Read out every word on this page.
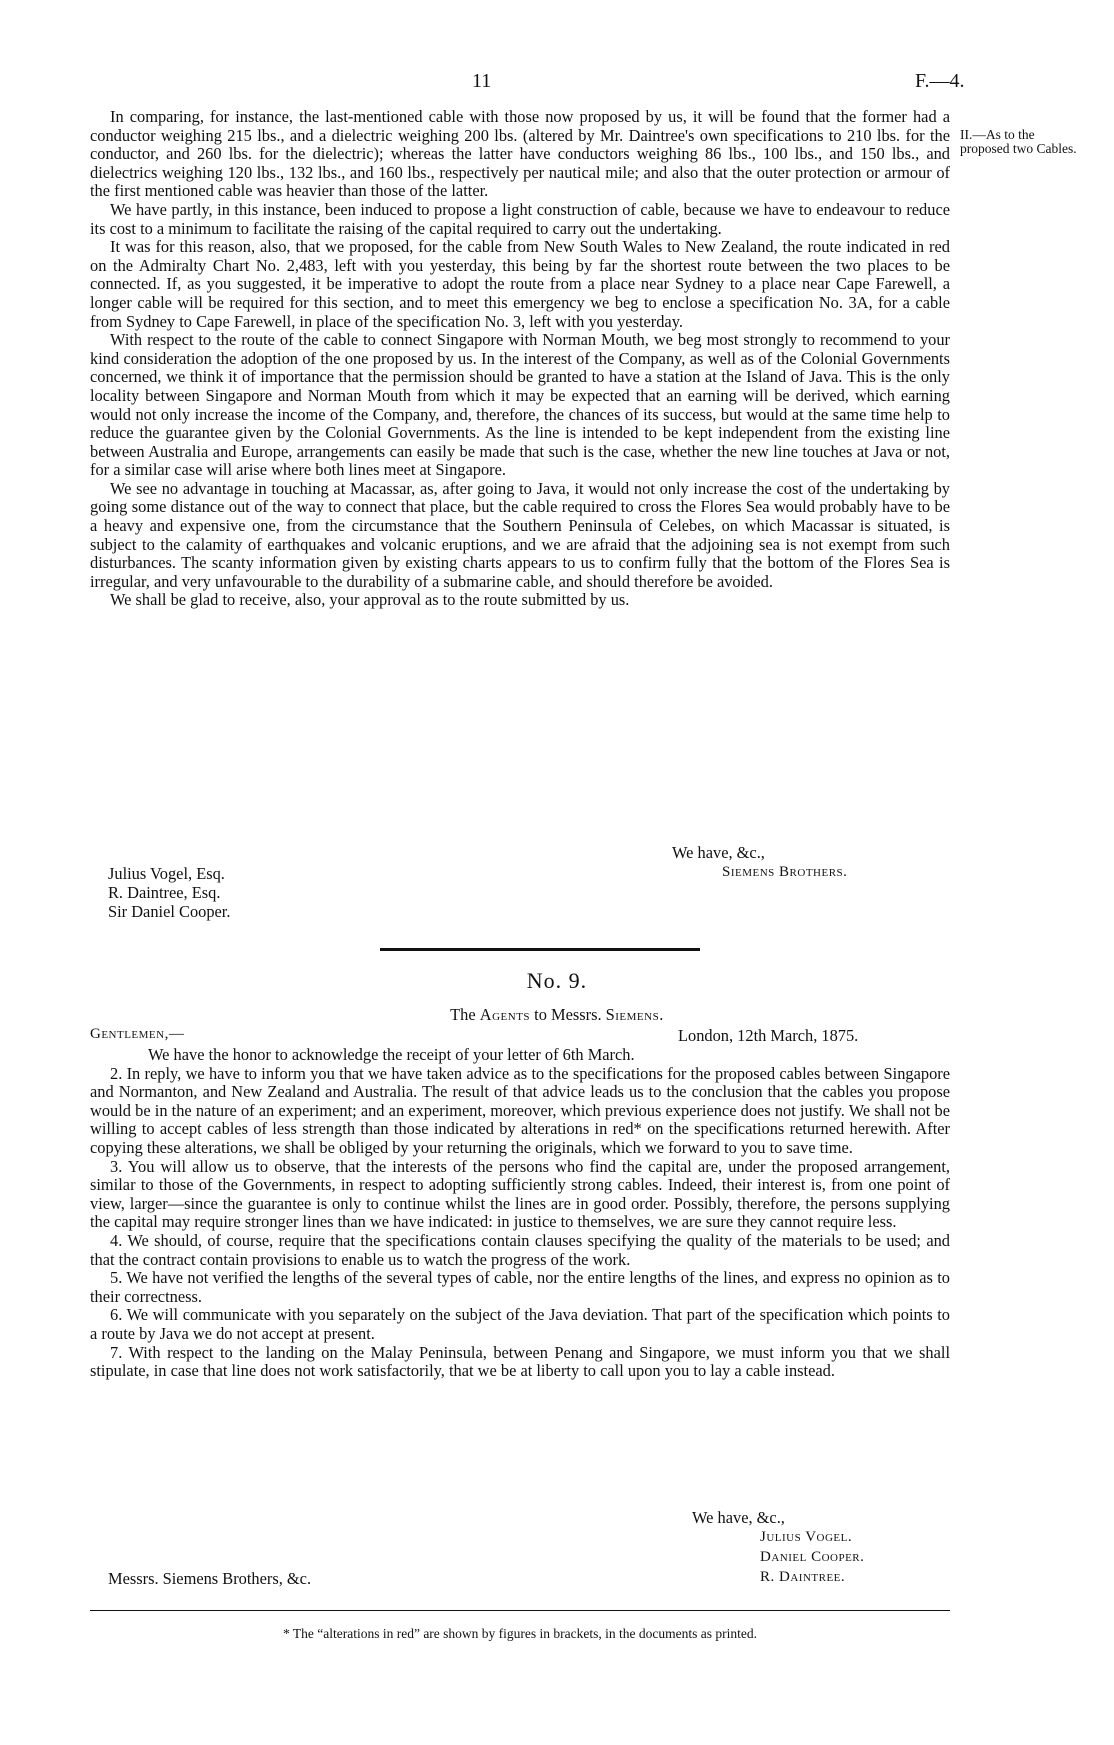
11	F.—4.
II.—As to the proposed two Cables.

In comparing, for instance, the last-mentioned cable with those now proposed by us, it will be found that the former had a conductor weighing 215 lbs., and a dielectric weighing 200 lbs. (altered by Mr. Daintree's own specifications to 210 lbs. for the conductor, and 260 lbs. for the dielectric); whereas the latter have conductors weighing 86 lbs., 100 lbs., and 150 lbs., and dielectrics weighing 120 lbs., 132 lbs., and 160 lbs., respectively per nautical mile; and also that the outer protection or armour of the first mentioned cable was heavier than those of the latter.

We have partly, in this instance, been induced to propose a light construction of cable, because we have to endeavour to reduce its cost to a minimum to facilitate the raising of the capital required to carry out the undertaking.

It was for this reason, also, that we proposed, for the cable from New South Wales to New Zealand, the route indicated in red on the Admiralty Chart No. 2,483, left with you yesterday, this being by far the shortest route between the two places to be connected. If, as you suggested, it be imperative to adopt the route from a place near Sydney to a place near Cape Farewell, a longer cable will be required for this section, and to meet this emergency we beg to enclose a specification No. 3A, for a cable from Sydney to Cape Farewell, in place of the specification No. 3, left with you yesterday.

With respect to the route of the cable to connect Singapore with Norman Mouth, we beg most strongly to recommend to your kind consideration the adoption of the one proposed by us. In the interest of the Company, as well as of the Colonial Governments concerned, we think it of importance that the permission should be granted to have a station at the Island of Java. This is the only locality between Singapore and Norman Mouth from which it may be expected that an earning will be derived, which earning would not only increase the income of the Company, and, therefore, the chances of its success, but would at the same time help to reduce the guarantee given by the Colonial Governments. As the line is intended to be kept independent from the existing line between Australia and Europe, arrangements can easily be made that such is the case, whether the new line touches at Java or not, for a similar case will arise where both lines meet at Singapore.

We see no advantage in touching at Macassar, as, after going to Java, it would not only increase the cost of the undertaking by going some distance out of the way to connect that place, but the cable required to cross the Flores Sea would probably have to be a heavy and expensive one, from the circumstance that the Southern Peninsula of Celebes, on which Macassar is situated, is subject to the calamity of earthquakes and volcanic eruptions, and we are afraid that the adjoining sea is not exempt from such disturbances. The scanty information given by existing charts appears to us to confirm fully that the bottom of the Flores Sea is irregular, and very unfavourable to the durability of a submarine cable, and should therefore be avoided.

We shall be glad to receive, also, your approval as to the route submitted by us.

We have, &c.,
Siemens Brothers.
Julius Vogel, Esq.
R. Daintree, Esq.
Sir Daniel Cooper.
No. 9.
The Agents to Messrs. Siemens.
Gentlemen,—	London, 12th March, 1875.

We have the honor to acknowledge the receipt of your letter of 6th March.

2. In reply, we have to inform you that we have taken advice as to the specifications for the proposed cables between Singapore and Normanton, and New Zealand and Australia. The result of that advice leads us to the conclusion that the cables you propose would be in the nature of an experiment; and an experiment, moreover, which previous experience does not justify. We shall not be willing to accept cables of less strength than those indicated by alterations in red* on the specifications returned herewith. After copying these alterations, we shall be obliged by your returning the originals, which we forward to you to save time.

3. You will allow us to observe, that the interests of the persons who find the capital are, under the proposed arrangement, similar to those of the Governments, in respect to adopting sufficiently strong cables. Indeed, their interest is, from one point of view, larger—since the guarantee is only to continue whilst the lines are in good order. Possibly, therefore, the persons supplying the capital may require stronger lines than we have indicated: in justice to themselves, we are sure they cannot require less.

4. We should, of course, require that the specifications contain clauses specifying the quality of the materials to be used; and that the contract contain provisions to enable us to watch the progress of the work.

5. We have not verified the lengths of the several types of cable, nor the entire lengths of the lines, and express no opinion as to their correctness.

6. We will communicate with you separately on the subject of the Java deviation. That part of the specification which points to a route by Java we do not accept at present.

7. With respect to the landing on the Malay Peninsula, between Penang and Singapore, we must inform you that we shall stipulate, in case that line does not work satisfactorily, that we be at liberty to call upon you to lay a cable instead.

We have, &c.,
Julius Vogel.
Daniel Cooper.
R. Daintree.
Messrs. Siemens Brothers, &c.
* The “alterations in red” are shown by figures in brackets, in the documents as printed.
